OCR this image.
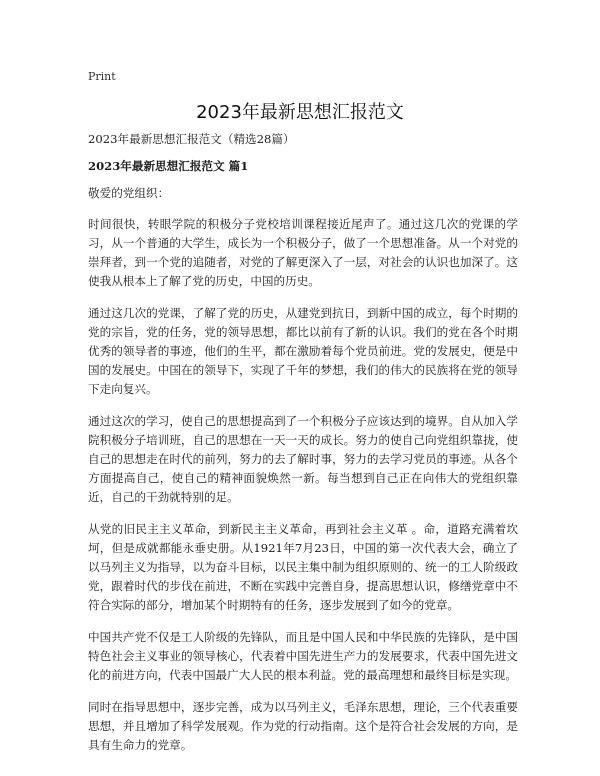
Print
2023年最新思想汇报范文

2023年最新思想汇报范文（精选28篇）

2023年最新思想汇报范文 篇1

敬爱的党组织：

时间很快，转眼学院的积极分子党校培训课程接近尾声了。通过这几次的党课的学习，从一个普通的大学生，成长为一个积极分子，做了一个思想准备。从一个对党的崇拜者，到一个党的追随者，对党的了解更深入了一层，对社会的认识也加深了。这使我从根本上了解了党的历史，中国的历史。

通过这几次的党课，了解了党的历史，从建党到抗日，到新中国的成立，每个时期的党的宗旨，党的任务，党的领导思想，都比以前有了新的认识。我们的党在各个时期优秀的领导者的事迹，他们的生平，都在激励着每个党员前进。党的发展史，便是中国的发展史。中国在的领导下，实现了千年的梦想，我们的伟大的民族将在党的领导下走向复兴。

通过这次的学习，使自己的思想提高到了一个积极分子应该达到的境界。自从加入学院积极分子培训班，自己的思想在一天一天的成长。努力的使自己向党组织靠拢，使自己的思想走在时代的前列，努力的去了解时事，努力的去学习党员的事迹。从各个方面提高自己，使自己的精神面貌焕然一新。每当想到自己正在向伟大的党组织靠近，自己的干劲就特别的足。

从党的旧民主主义革命，到新民主主义革命，再到社会主义革 。命，道路充满着坎坷，但是成就都能永垂史册。从1921年7月23日，中国的第一次代表大会，确立了以马列主义为指导，以为奋斗目标，以民主集中制为组织原则的、统一的工人阶级政党，跟着时代的步伐在前进，不断在实践中完善自身，提高思想认识，修缮党章中不符合实际的部分，增加某个时期特有的任务，逐步发展到了如今的党章。

中国共产党不仅是工人阶级的先锋队，而且是中国人民和中华民族的先锋队，是中国特色社会主义事业的领导核心，代表着中国先进生产力的发展要求，代表中国先进文化的前进方向，代表中国最广大人民的根本利益。党的最高理想和最终目标是实现。

同时在指导思想中，逐步完善，成为以马列主义，毛泽东思想，理论，三个代表重要思想，并且增加了科学发展观。作为党的行动指南。这个是符合社会发展的方向，是具有生命力的党章。
